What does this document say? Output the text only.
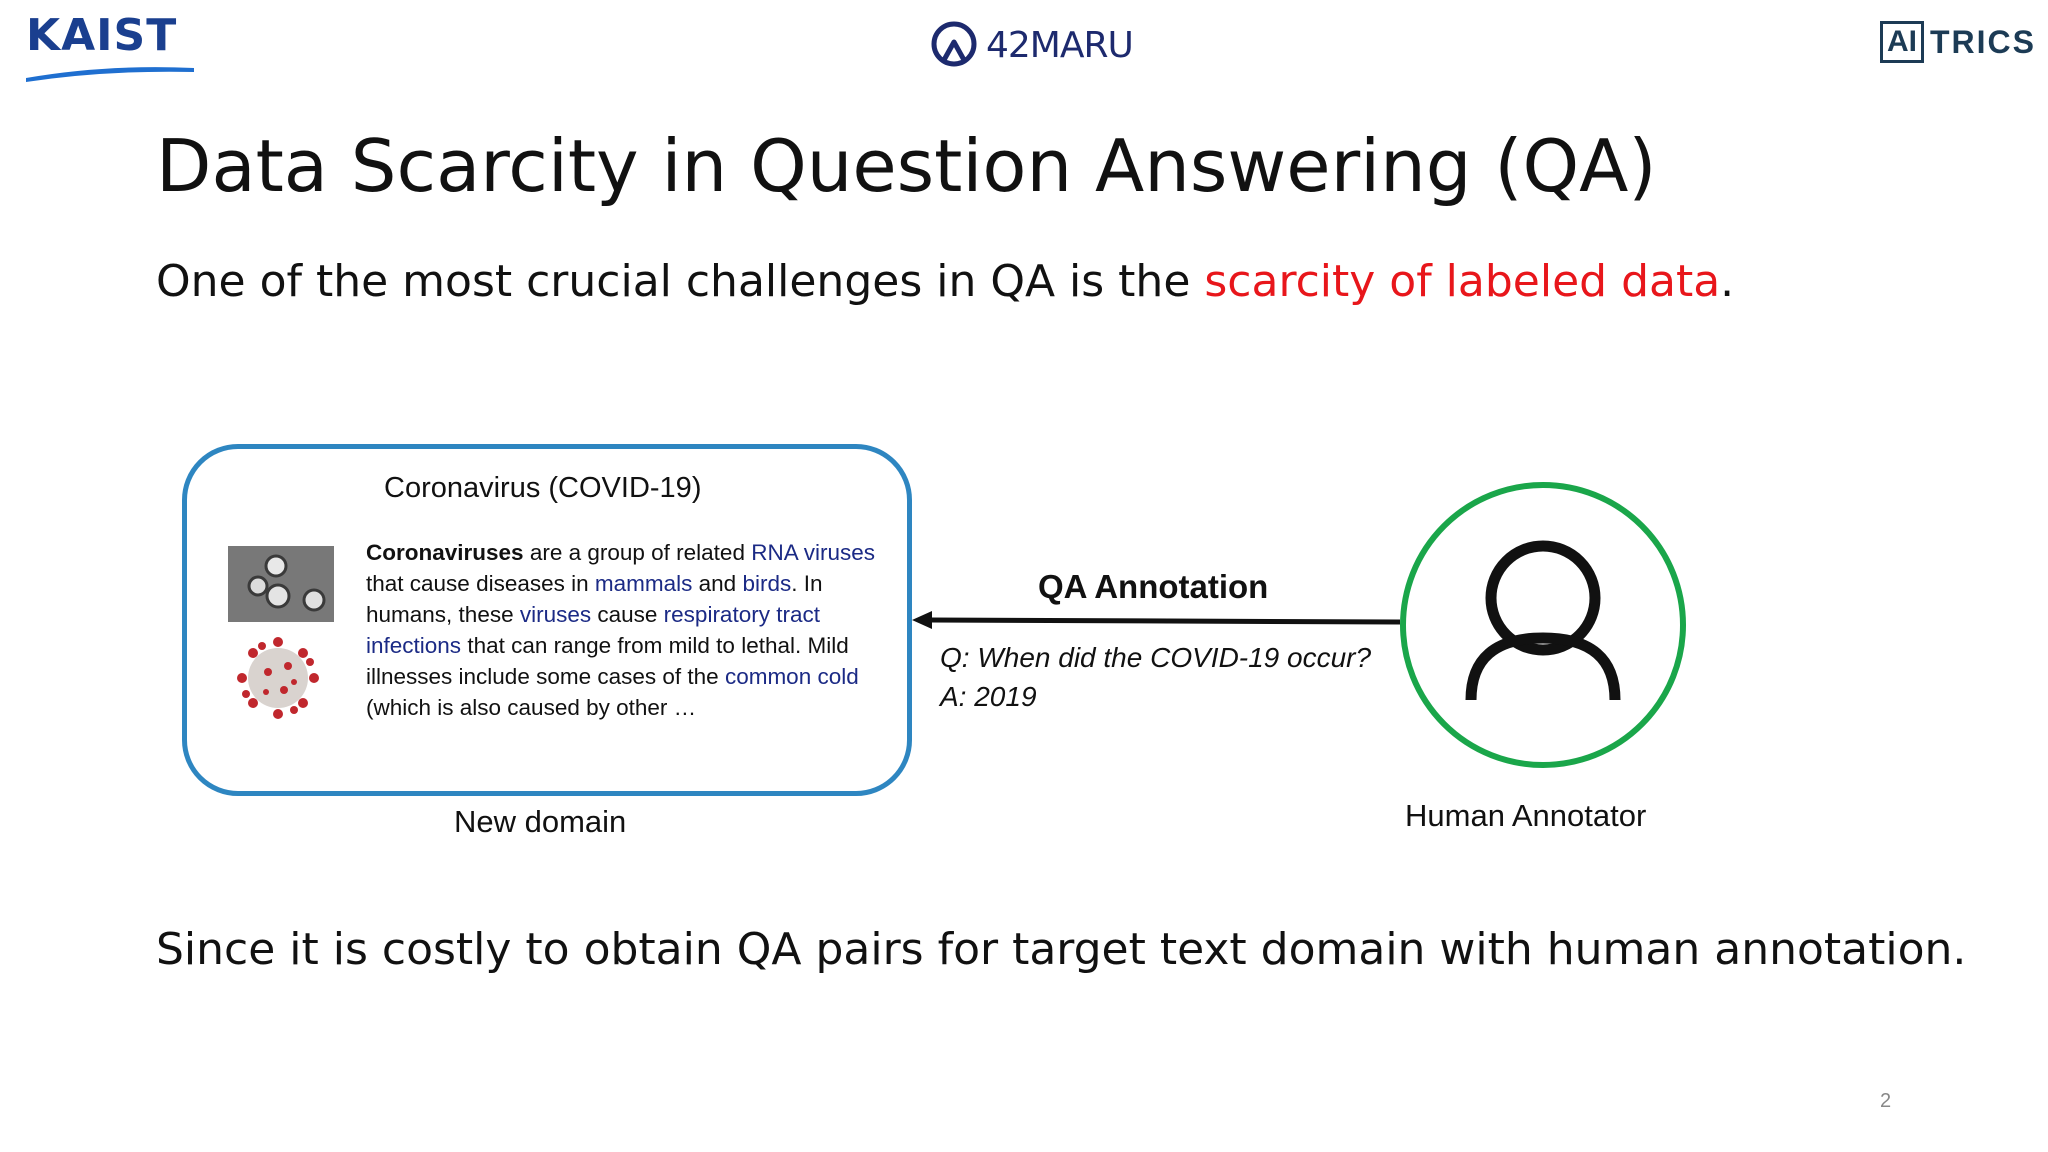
KAIST	42MARU	AI TRICS
Data Scarcity in Question Answering (QA)
One of the most crucial challenges in QA is the scarcity of labeled data.
Coronavirus (COVID-19)
Coronaviruses are a group of related RNA viruses that cause diseases in mammals and birds. In humans, these viruses cause respiratory tract infections that can range from mild to lethal. Mild illnesses include some cases of the common cold (which is also caused by other …
New domain
QA Annotation
Q: When did the COVID-19 occur?
A: 2019
Human Annotator
Since it is costly to obtain QA pairs for target text domain with human annotation.
2
